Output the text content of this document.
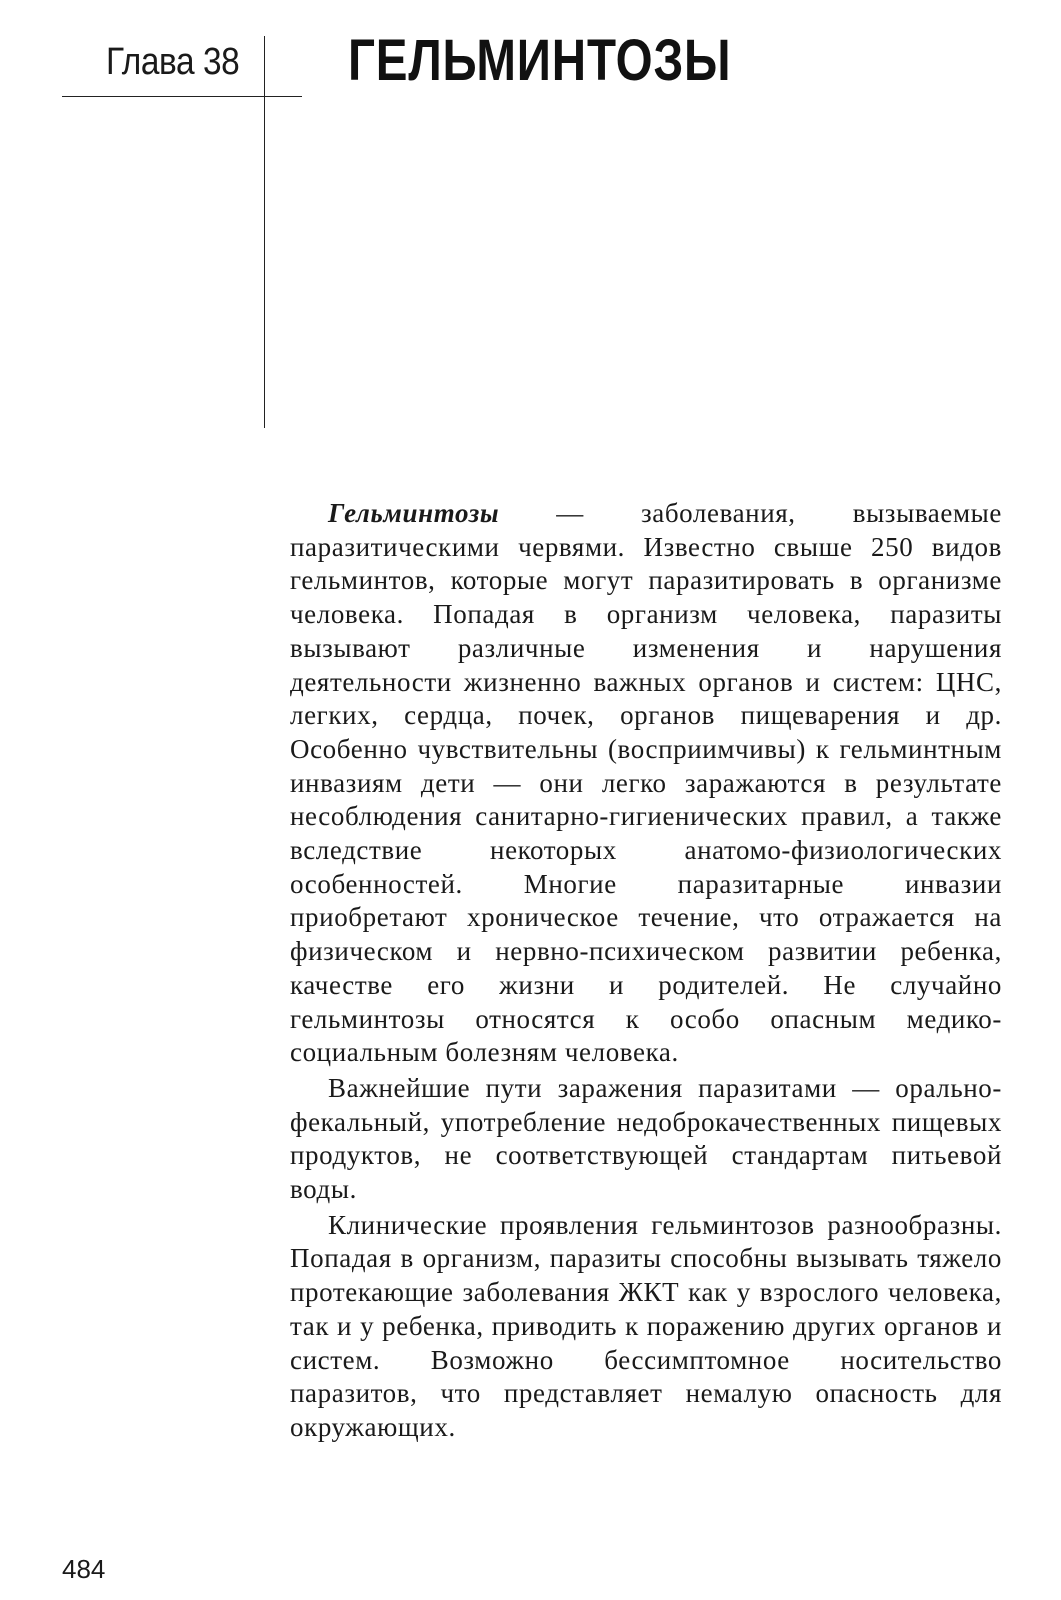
Глава 38 ГЕЛЬМИНТОЗЫ

Гельминтозы — заболевания, вызываемые паразитическими червями. Известно свыше 250 видов гельминтов, которые могут паразитировать в организме человека. Попадая в организм человека, паразиты вызывают различные изменения и нарушения деятельности жизненно важных органов и систем: ЦНС, легких, сердца, почек, органов пищеварения и др. Особенно чувствительны (восприимчивы) к гельминтным инвазиям дети — они легко заражаются в результате несоблюдения санитарно-гигиенических правил, а также вследствие некоторых анатомо-физиологических особенностей. Многие паразитарные инвазии приобретают хроническое течение, что отражается на физическом и нервно-психическом развитии ребенка, качестве его жизни и родителей. Не случайно гельминтозы относятся к особо опасным медико-социальным болезням человека.

Важнейшие пути заражения паразитами — орально-фекальный, употребление недоброкачественных пищевых продуктов, не соответствующей стандартам питьевой воды.

Клинические проявления гельминтозов разнообразны. Попадая в организм, паразиты способны вызывать тяжело протекающие заболевания ЖКТ как у взрослого человека, так и у ребенка, приводить к поражению других органов и систем. Возможно бессимптомное носительство паразитов, что представляет немалую опасность для окружающих.

484
